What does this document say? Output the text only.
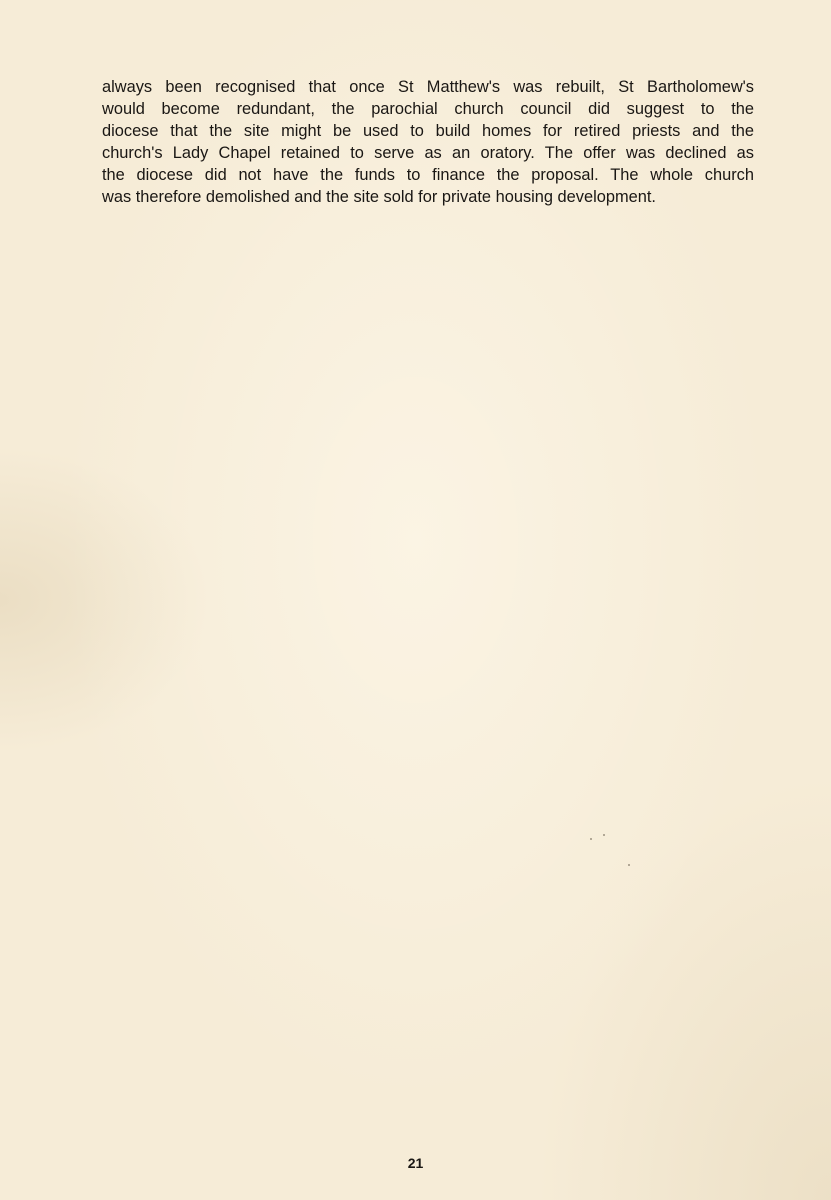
always been recognised that once St Matthew's was rebuilt, St Bartholomew's
would become redundant, the parochial church council did suggest to the
diocese that the site might be used to build homes for retired priests and the
church's Lady Chapel retained to serve as an oratory. The offer was declined as
the diocese did not have the funds to finance the proposal. The whole church
was therefore demolished and the site sold for private housing development.

21
